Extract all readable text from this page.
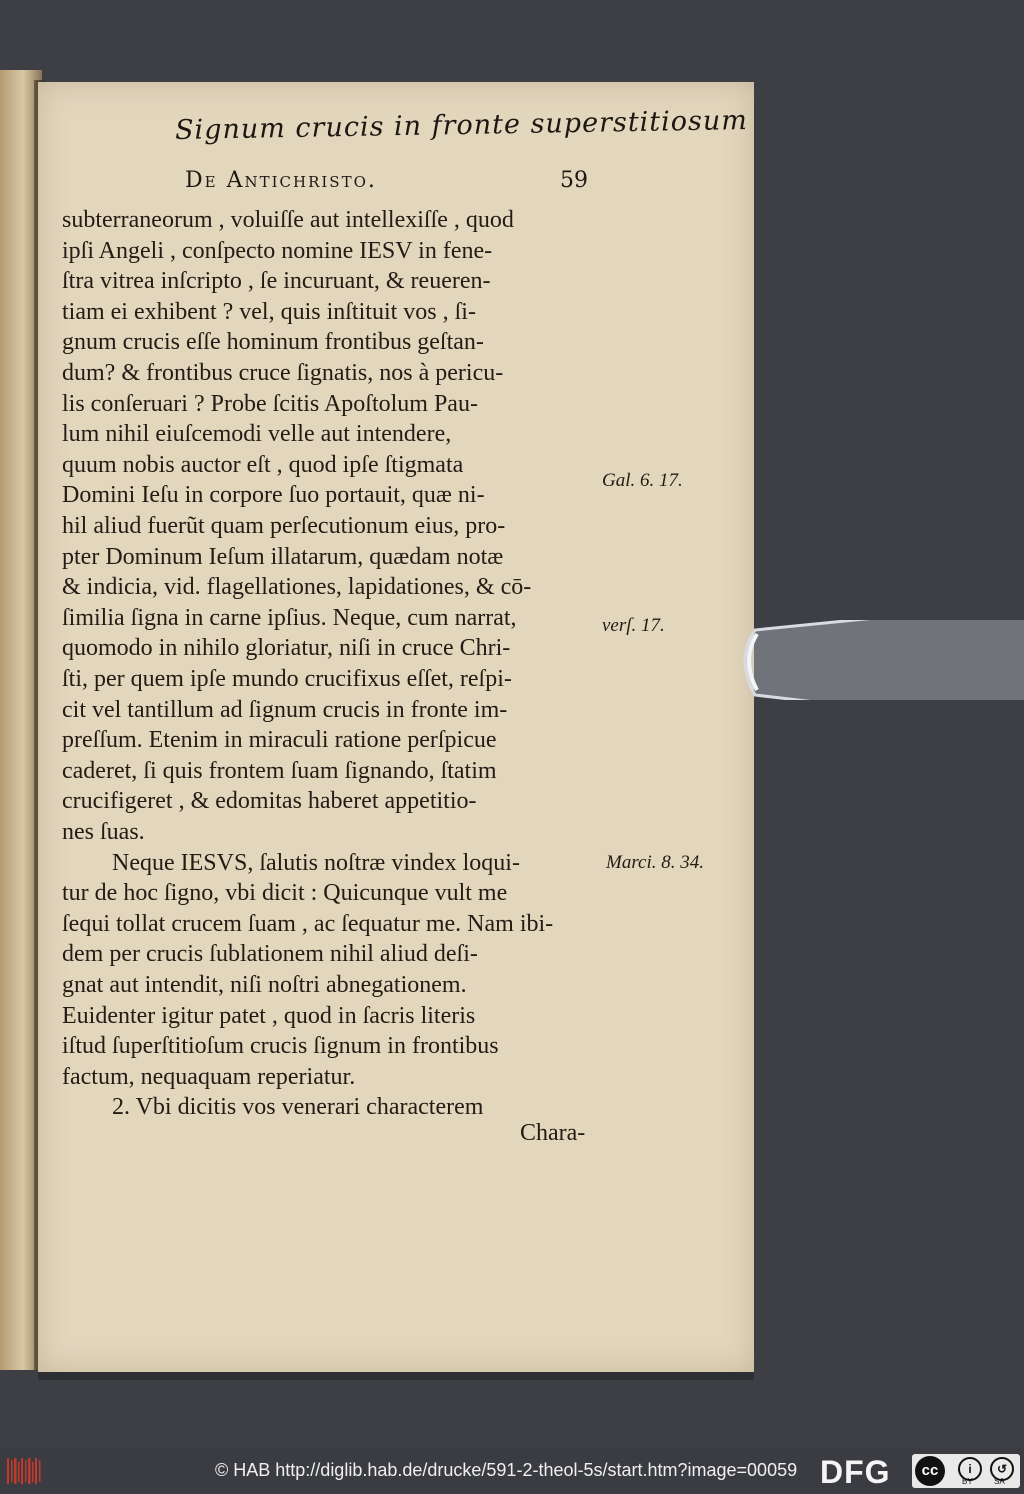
Signum crucis in fronte superstitiosum
De Antichristo.	59
subterraneorum , voluiſſe aut intellexiſſe , quod
ipſi Angeli , conſpecto nomine IESV in fene-
ſtra vitrea inſcripto , ſe incuruant, & reueren-
tiam ei exhibent ? vel, quis inſtituit vos , ſi-
gnum crucis eſſe hominum frontibus geſtan-
dum? & frontibus cruce ſignatis, nos à pericu-
lis conſeruari ? Probe ſcitis Apoſtolum Pau-
lum nihil eiuſcemodi velle aut intendere,
quum nobis auctor eſt , quod ipſe ſtigmata
Domini Ieſu in corpore ſuo portauit, quæ ni-
hil aliud fuerũt quam perſecutionum eius, pro-
pter Dominum Ieſum illatarum, quædam notæ
& indicia, vid. flagellationes, lapidationes, & cō-
ſimilia ſigna in carne ipſius. Neque, cum narrat,
quomodo in nihilo gloriatur, niſi in cruce Chri-
ſti, per quem ipſe mundo crucifixus eſſet, reſpi-
cit vel tantillum ad ſignum crucis in fronte im-
preſſum. Etenim in miraculi ratione perſpicue
caderet, ſi quis frontem ſuam ſignando, ſtatim
crucifigeret , & edomitas haberet appetitio-
nes ſuas.
Neque IESVS, ſalutis noſtræ vindex loqui-
tur de hoc ſigno, vbi dicit : Quicunque vult me
ſequi tollat crucem ſuam , ac ſequatur me. Nam ibi-
dem per crucis ſublationem nihil aliud deſi-
gnat aut intendit, niſi noſtri abnegationem.
Euidenter igitur patet , quod in ſacris literis
iſtud ſuperſtitioſum crucis ſignum in frontibus
factum, nequaquam reperiatur.
2. Vbi dicitis vos venerari characterem
Gal. 6. 17.
verſ. 17.
Marci. 8. 34.
Chara-
© HAB http://diglib.hab.de/drucke/591-2-theol-5s/start.htm?image=00059 DFG	cc	i	↺
BY	SA
